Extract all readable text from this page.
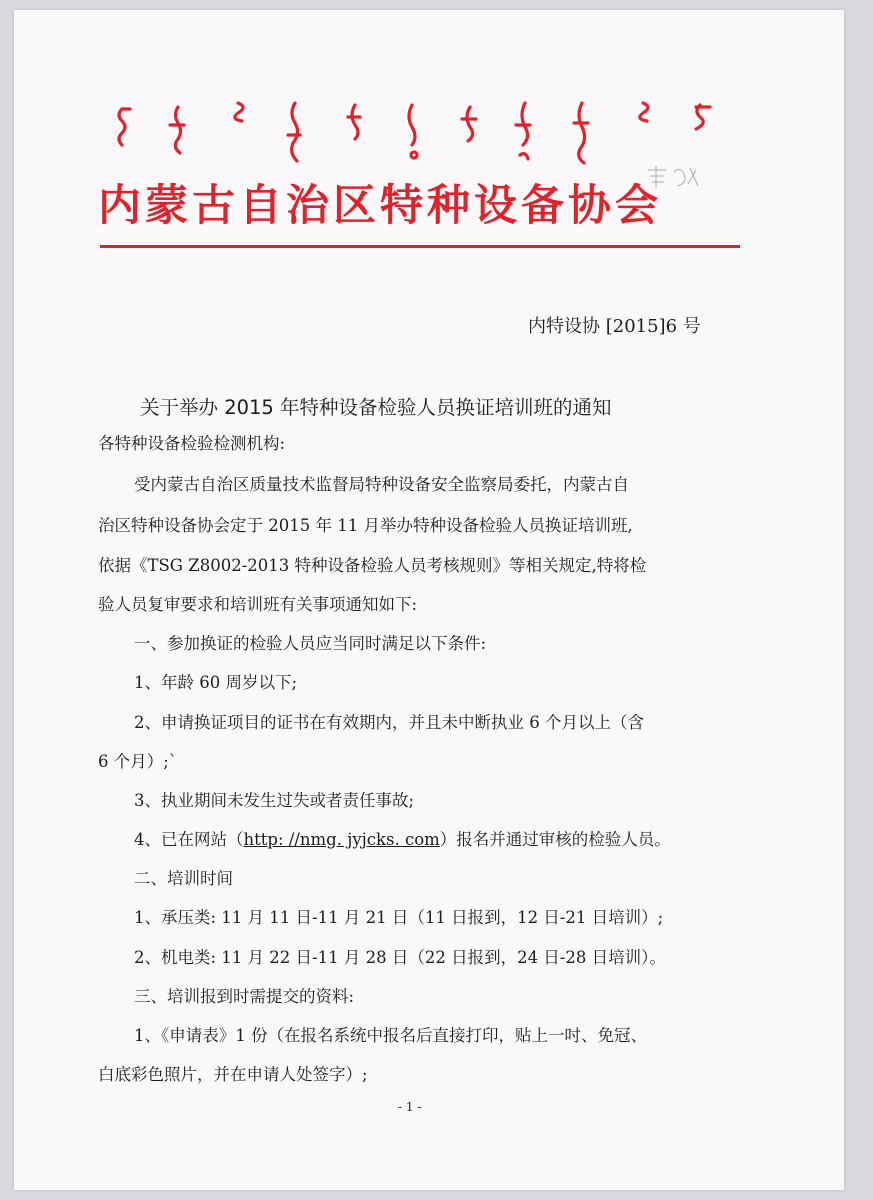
内蒙古自治区特种设备协会
内特设协 [2015]6 号
关于举办 2015 年特种设备检验人员换证培训班的通知
各特种设备检验检测机构:
受内蒙古自治区质量技术监督局特种设备安全监察局委托，内蒙古自
治区特种设备协会定于 2015 年 11 月举办特种设备检验人员换证培训班,
依据《TSG Z8002-2013 特种设备检验人员考核规则》等相关规定,特将检
验人员复审要求和培训班有关事项通知如下:
一、参加换证的检验人员应当同时满足以下条件:
1、年龄 60 周岁以下;
2、申请换证项目的证书在有效期内，并且未中断执业 6 个月以上（含
6 个月）;`
3、执业期间未发生过失或者责任事故;
4、已在网站（http: //nmg. jyjcks. com）报名并通过审核的检验人员。
二、培训时间
1、承压类: 11 月 11 日-11 月 21 日（11 日报到，12 日-21 日培训）;
2、机电类: 11 月 22 日-11 月 28 日（22 日报到，24 日-28 日培训）。
三、培训报到时需提交的资料:
1、《申请表》1 份（在报名系统中报名后直接打印，贴上一吋、免冠、
白底彩色照片，并在申请人处签字）;
- 1 -
